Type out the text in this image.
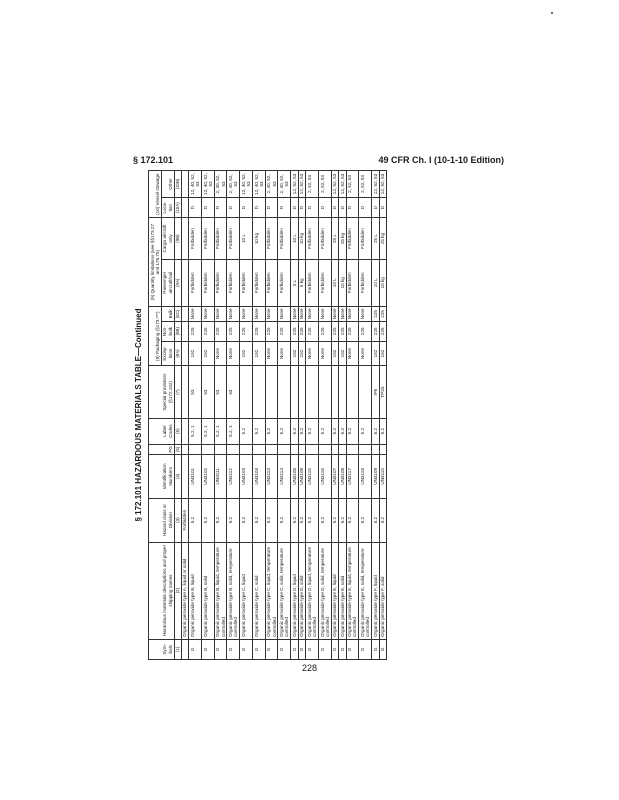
§ 172.101	49 CFR Ch. I (10-1-10 Edition)
§ 172.101 HAZARDOUS MATERIALS TABLE—Continued
Sym-bols	Hazardous materials descriptions and proper shipping names	Hazard class or Division	Identification Numbers	PG	Label Codes	Special provisions (§172.102)	(8) Packaging (§173.***)			(9) Quantity limitations (see §§173.27 and 175.75)		(10) Vessel stowage	
							Excep-tions	Non-bulk	Bulk	Passenger aircraft/rail	Cargo aircraft only	Loca-tion	Other
(1)	(2)	(3)	(4)	(5)	(6)	(7)	(8A)	(8B)	(8C)	(9A)	(9B)	(10A)	(10B)
	Organic peroxide type A, liquid or solid	Forbidden											
G	Organic peroxide type B, liquid	5.2	UN3101		5.2, 1	53	152	225	None	Forbidden	Forbidden	D	12, 40, 52, 53
G	Organic peroxide type B, solid	5.2	UN3102		5.2, 1	53	152	225	None	Forbidden	Forbidden	D	12, 40, 52, 53
G	Organic peroxide type B, liquid, temperature controlled	5.2	UN3111		5.2, 1	53	None	225	None	Forbidden	Forbidden	D	2, 40, 52, 53
G	Organic peroxide type B, solid, temperature controlled	5.2	UN3112		5.2, 1	53	None	225	None	Forbidden	Forbidden	D	2, 40, 52, 53
G	Organic peroxide type C, liquid	5.2	UN3103		5.2		152	225	None	Forbidden	10 L	D	12, 40, 52, 53
G	Organic peroxide type C, solid	5.2	UN3104		5.2		152	225	None	Forbidden	10 kg	D	12, 40, 52, 53
G	Organic peroxide type C, liquid, temperature controlled	5.2	UN3113		5.2		None	225	None	Forbidden	Forbidden	D	2, 40, 52, 53
G	Organic peroxide type C, solid, temperature controlled	5.2	UN3114		5.2		None	225	None	Forbidden	Forbidden	D	2, 40, 52, 53
G	Organic peroxide type D, liquid	5.2	UN3105		5.2		152	225	None	5 L	10 L	D	12, 52, 53
G	Organic peroxide type D, solid	5.2	UN3106		5.2		152	225	None	5 kg	10 kg	D	12, 52, 53
G	Organic peroxide type D, liquid, temperature controlled	5.2	UN3115		5.2		None	225	None	Forbidden	Forbidden	D	2, 52, 53
G	Organic peroxide type D, solid, temperature controlled	5.2	UN3116		5.2		None	225	None	Forbidden	Forbidden	D	2, 52, 53
G	Organic peroxide type E, liquid	5.2	UN3107		5.2		152	225	None	10 L	25 L	D	12, 52, 53
G	Organic peroxide type E, solid	5.2	UN3108		5.2		152	225	None	10 kg	25 kg	D	12, 52, 53
G	Organic peroxide type E, liquid, temperature controlled	5.2	UN3117		5.2		None	225	None	Forbidden	Forbidden	D	2, 52, 53
G	Organic peroxide type E, solid, temperature controlled	5.2	UN3118		5.2		None	225	None	Forbidden	Forbidden	D	2, 52, 53
G	Organic peroxide type F, liquid	5.2	UN3109		5.2	IP5	152	225	225	10 L	25 L	D	12, 52, 53
G	Organic peroxide type F, solid	5.2	UN3110		5.2	TP33	152	225	225	10 kg	25 kg	D	12, 52, 53
228
